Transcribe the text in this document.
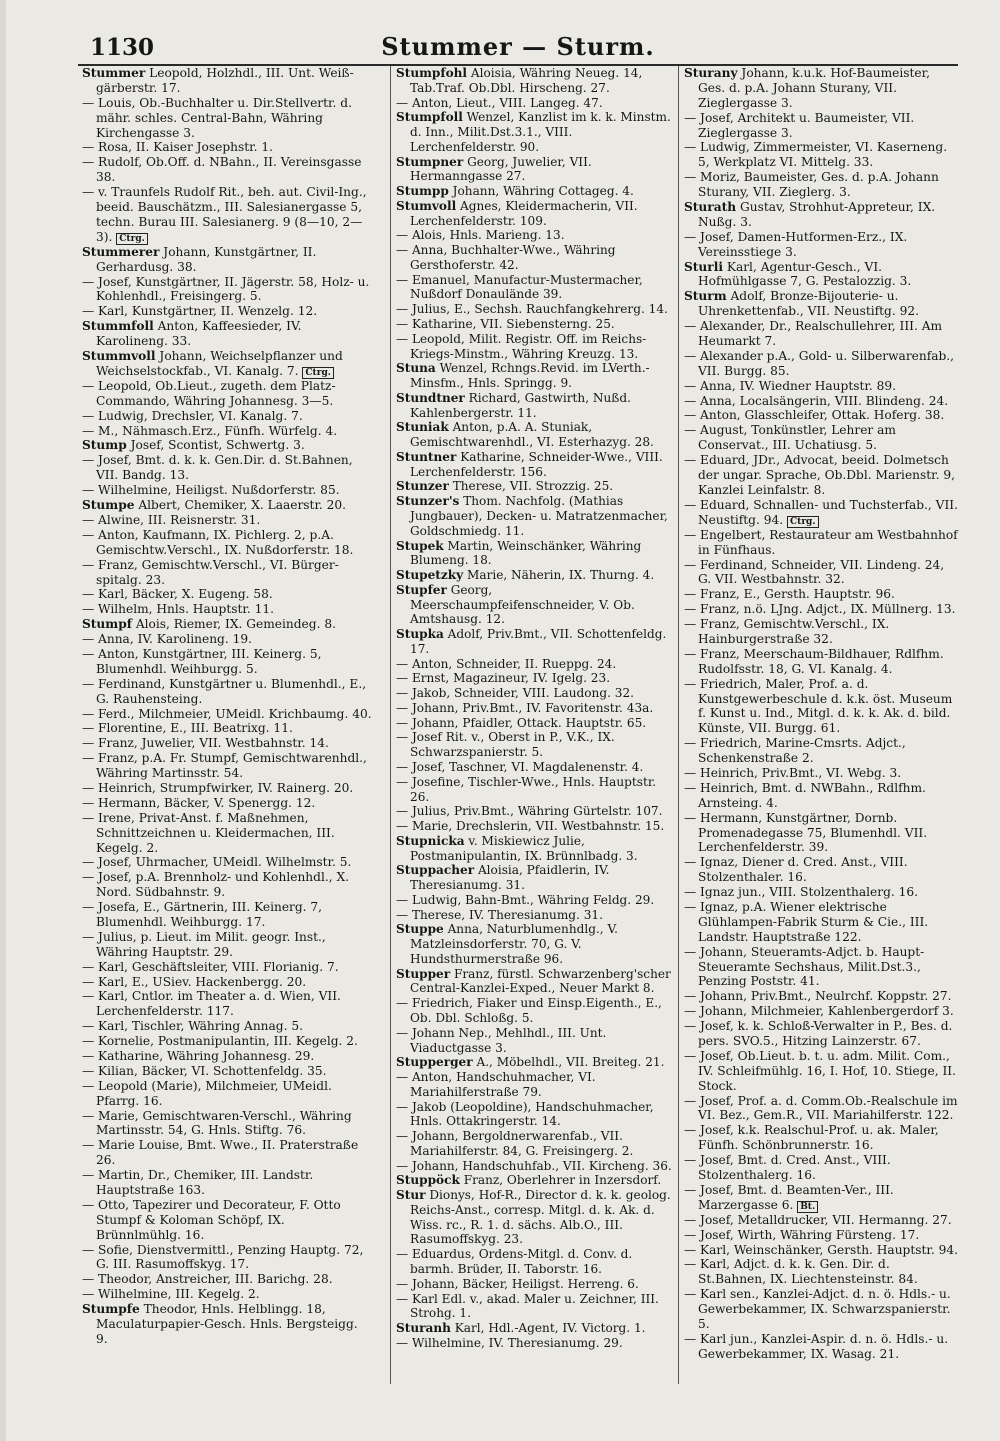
1130	Stummer — Sturm.

Stummer Leopold, Holzhdl., III. Unt. Weiß-gärberstr. 17.

— Louis, Ob.-Buchhalter u. Dir.Stellvertr. d. mähr. schles. Central-Bahn, Währing Kirchengasse 3.

— Rosa, II. Kaiser Josephstr. 1.

— Rudolf, Ob.Off. d. NBahn., II. Vereinsgasse 38.

— v. Traunfels Rudolf Rit., beh. aut. Civil-Ing., beeid. Bauschätzm., III. Salesianergasse 5, techn. Burau III. Salesianerg. 9 (8—10, 2—3). Ctrg.

Stummerer Johann, Kunstgärtner, II. Gerhardusg. 38.

— Josef, Kunstgärtner, II. Jägerstr. 58, Holz- u. Kohlenhdl., Freisingerg. 5.

— Karl, Kunstgärtner, II. Wenzelg. 12.

Stummfoll Anton, Kaffeesieder, IV. Karolineng. 33.

Stummvoll Johann, Weichselpflanzer und Weichselstockfab., VI. Kanalg. 7. Ctrg.

— Leopold, Ob.Lieut., zugeth. dem Platz-Commando, Währing Johannesg. 3—5.

— Ludwig, Drechsler, VI. Kanalg. 7.

— M., Nähmasch.Erz., Fünfh. Würfelg. 4.

Stump Josef, Scontist, Schwertg. 3.

— Josef, Bmt. d. k. k. Gen.Dir. d. St.Bahnen, VII. Bandg. 13.

— Wilhelmine, Heiligst. Nußdorferstr. 85.

Stumpe Albert, Chemiker, X. Laaerstr. 20.

— Alwine, III. Reisnerstr. 31.

— Anton, Kaufmann, IX. Pichlerg. 2, p.A. Gemischtw.Verschl., IX. Nußdorferstr. 18.

— Franz, Gemischtw.Verschl., VI. Bürger-spitalg. 23.

— Karl, Bäcker, X. Eugeng. 58.

— Wilhelm, Hnls. Hauptstr. 11.

Stumpf Alois, Riemer, IX. Gemeindeg. 8.

— Anna, IV. Karolineng. 19.

— Anton, Kunstgärtner, III. Keinerg. 5, Blumenhdl. Weihburgg. 5.

— Ferdinand, Kunstgärtner u. Blumenhdl., E., G. Rauhensteing.

— Ferd., Milchmeier, UMeidl. Krichbaumg. 40.

— Florentine, E., III. Beatrixg. 11.

— Franz, Juwelier, VII. Westbahnstr. 14.

— Franz, p.A. Fr. Stumpf, Gemischtwarenhdl., Währing Martinsstr. 54.

— Heinrich, Strumpfwirker, IV. Rainerg. 20.

— Hermann, Bäcker, V. Spenergg. 12.

— Irene, Privat-Anst. f. Maßnehmen, Schnittzeichnen u. Kleidermachen, III. Kegelg. 2.

— Josef, Uhrmacher, UMeidl. Wilhelmstr. 5.

— Josef, p.A. Brennholz- und Kohlenhdl., X. Nord. Südbahnstr. 9.

— Josefa, E., Gärtnerin, III. Keinerg. 7, Blumenhdl. Weihburgg. 17.

— Julius, p. Lieut. im Milit. geogr. Inst., Währing Hauptstr. 29.

— Karl, Geschäftsleiter, VIII. Florianig. 7.

— Karl, E., USiev. Hackenbergg. 20.

— Karl, Cntlor. im Theater a. d. Wien, VII. Lerchenfelderstr. 117.

— Karl, Tischler, Währing Annag. 5.

— Kornelie, Postmanipulantin, III. Kegelg. 2.

— Katharine, Währing Johannesg. 29.

— Kilian, Bäcker, VI. Schottenfeldg. 35.

— Leopold (Marie), Milchmeier, UMeidl. Pfarrg. 16.

— Marie, Gemischtwaren-Verschl., Währing Martinsstr. 54, G. Hnls. Stiftg. 76.

— Marie Louise, Bmt. Wwe., II. Praterstraße 26.

— Martin, Dr., Chemiker, III. Landstr. Hauptstraße 163.

— Otto, Tapezirer und Decorateur, F. Otto Stumpf & Koloman Schöpf, IX. Brünnlmühlg. 16.

— Sofie, Dienstvermittl., Penzing Hauptg. 72, G. III. Rasumoffskyg. 17.

— Theodor, Anstreicher, III. Barichg. 28.

— Wilhelmine, III. Kegelg. 2.

Stumpfe Theodor, Hnls. Helblingg. 18, Maculaturpapier-Gesch. Hnls. Bergsteigg. 9.

Stumpfohl Aloisia, Währing Neueg. 14, Tab.Traf. Ob.Dbl. Hirscheng. 27.

— Anton, Lieut., VIII. Langeg. 47.

Stumpfoll Wenzel, Kanzlist im k. k. Minstm. d. Inn., Milit.Dst.3.1., VIII. Lerchenfelderstr. 90.

Stumpner Georg, Juwelier, VII. Hermanngasse 27.

Stumpp Johann, Währing Cottageg. 4.

Stumvoll Agnes, Kleidermacherin, VII. Lerchenfelderstr. 109.

— Alois, Hnls. Marieng. 13.

— Anna, Buchhalter-Wwe., Währing Gersthoferstr. 42.

— Emanuel, Manufactur-Mustermacher, Nußdorf Donaulände 39.

— Julius, E., Sechsh. Rauchfangkehrerg. 14.

— Katharine, VII. Siebensterng. 25.

— Leopold, Milit. Registr. Off. im Reichs-Kriegs-Minstm., Währing Kreuzg. 13.

Stuna Wenzel, Rchngs.Revid. im LVerth.-Minsfm., Hnls. Springg. 9.

Stundtner Richard, Gastwirth, Nußd. Kahlenbergerstr. 11.

Stuniak Anton, p.A. A. Stuniak, Gemischtwarenhdl., VI. Esterhazyg. 28.

Stuntner Katharine, Schneider-Wwe., VIII. Lerchenfelderstr. 156.

Stunzer Therese, VII. Strozzig. 25.

Stunzer's Thom. Nachfolg. (Mathias Jungbauer), Decken- u. Matratzenmacher, Goldschmiedg. 11.

Stupek Martin, Weinschänker, Währing Blumeng. 18.

Stupetzky Marie, Näherin, IX. Thurng. 4.

Stupfer Georg, Meerschaumpfeifenschneider, V. Ob. Amtshausg. 12.

Stupka Adolf, Priv.Bmt., VII. Schottenfeldg. 17.

— Anton, Schneider, II. Rueppg. 24.

— Ernst, Magazineur, IV. Igelg. 23.

— Jakob, Schneider, VIII. Laudong. 32.

— Johann, Priv.Bmt., IV. Favoritenstr. 43a.

— Johann, Pfaidler, Ottack. Hauptstr. 65.

— Josef Rit. v., Oberst in P., V.K., IX. Schwarzspanierstr. 5.

— Josef, Taschner, VI. Magdalenenstr. 4.

— Josefine, Tischler-Wwe., Hnls. Hauptstr. 26.

— Julius, Priv.Bmt., Währing Gürtelstr. 107.

— Marie, Drechslerin, VII. Westbahnstr. 15.

Stupnicka v. Miskiewicz Julie, Postmanipulantin, IX. Brünnlbadg. 3.

Stuppacher Aloisia, Pfaidlerin, IV. Theresianumg. 31.

— Ludwig, Bahn-Bmt., Währing Feldg. 29.

— Therese, IV. Theresianumg. 31.

Stuppe Anna, Naturblumenhdlg., V. Matzleinsdorferstr. 70, G. V. Hundsthurmerstraße 96.

Stupper Franz, fürstl. Schwarzenberg'scher Central-Kanzlei-Exped., Neuer Markt 8.

— Friedrich, Fiaker und Einsp.Eigenth., E., Ob. Dbl. Schloßg. 5.

— Johann Nep., Mehlhdl., III. Unt. Viaductgasse 3.

Stupperger A., Möbelhdl., VII. Breiteg. 21.

— Anton, Handschuhmacher, VI. Mariahilferstraße 79.

— Jakob (Leopoldine), Handschuhmacher, Hnls. Ottakringerstr. 14.

— Johann, Bergoldnerwarenfab., VII. Mariahilferstr. 84, G. Freisingerg. 2.

— Johann, Handschuhfab., VII. Kircheng. 36.

Stuppöck Franz, Oberlehrer in Inzersdorf.

Stur Dionys, Hof-R., Director d. k. k. geolog. Reichs-Anst., corresp. Mitgl. d. k. Ak. d. Wiss. rc., R. 1. d. sächs. Alb.O., III. Rasumoffskyg. 23.

— Eduardus, Ordens-Mitgl. d. Conv. d. barmh. Brüder, II. Taborstr. 16.

— Johann, Bäcker, Heiligst. Herreng. 6.

— Karl Edl. v., akad. Maler u. Zeichner, III. Strohg. 1.

Sturanh Karl, Hdl.-Agent, IV. Victorg. 1.

— Wilhelmine, IV. Theresianumg. 29.

Sturany Johann, k.u.k. Hof-Baumeister, Ges. d. p.A. Johann Sturany, VII. Zieglergasse 3.

— Josef, Architekt u. Baumeister, VII. Zieglergasse 3.

— Ludwig, Zimmermeister, VI. Kaserneng. 5, Werkplatz VI. Mittelg. 33.

— Moriz, Baumeister, Ges. d. p.A. Johann Sturany, VII. Zieglerg. 3.

Sturath Gustav, Strohhut-Appreteur, IX. Nußg. 3.

— Josef, Damen-Hutformen-Erz., IX. Vereinsstiege 3.

Sturli Karl, Agentur-Gesch., VI. Hofmühlgasse 7, G. Pestalozzig. 3.

Sturm Adolf, Bronze-Bijouterie- u. Uhrenkettenfab., VII. Neustiftg. 92.

— Alexander, Dr., Realschullehrer, III. Am Heumarkt 7.

— Alexander p.A., Gold- u. Silberwarenfab., VII. Burgg. 85.

— Anna, IV. Wiedner Hauptstr. 89.

— Anna, Localsängerin, VIII. Blindeng. 24.

— Anton, Glasschleifer, Ottak. Hoferg. 38.

— August, Tonkünstler, Lehrer am Conservat., III. Uchatiusg. 5.

— Eduard, JDr., Advocat, beeid. Dolmetsch der ungar. Sprache, Ob.Dbl. Marienstr. 9, Kanzlei Leinfalstr. 8.

— Eduard, Schnallen- und Tuchsterfab., VII. Neustiftg. 94. Ctrg.

— Engelbert, Restaurateur am Westbahnhof in Fünfhaus.

— Ferdinand, Schneider, VII. Lindeng. 24, G. VII. Westbahnstr. 32.

— Franz, E., Gersth. Hauptstr. 96.

— Franz, n.ö. LJng. Adjct., IX. Müllnerg. 13.

— Franz, Gemischtw.Verschl., IX. Hainburgerstraße 32.

— Franz, Meerschaum-Bildhauer, Rdlfhm. Rudolfsstr. 18, G. VI. Kanalg. 4.

— Friedrich, Maler, Prof. a. d. Kunstgewerbeschule d. k.k. öst. Museum f. Kunst u. Ind., Mitgl. d. k. k. Ak. d. bild. Künste, VII. Burgg. 61.

— Friedrich, Marine-Cmsrts. Adjct., Schenkenstraße 2.

— Heinrich, Priv.Bmt., VI. Webg. 3.

— Heinrich, Bmt. d. NWBahn., Rdlfhm. Arnsteing. 4.

— Hermann, Kunstgärtner, Dornb. Promenadegasse 75, Blumenhdl. VII. Lerchenfelderstr. 39.

— Ignaz, Diener d. Cred. Anst., VIII. Stolzenthaler. 16.

— Ignaz jun., VIII. Stolzenthalerg. 16.

— Ignaz, p.A. Wiener elektrische Glühlampen-Fabrik Sturm & Cie., III. Landstr. Hauptstraße 122.

— Johann, Steueramts-Adjct. b. Haupt-Steueramte Sechshaus, Milit.Dst.3., Penzing Poststr. 41.

— Johann, Priv.Bmt., Neulrchf. Koppstr. 27.

— Johann, Milchmeier, Kahlenbergerdorf 3.

— Josef, k. k. Schloß-Verwalter in P., Bes. d. pers. SVO.5., Hitzing Lainzerstr. 67.

— Josef, Ob.Lieut. b. t. u. adm. Milit. Com., IV. Schleifmühlg. 16, I. Hof, 10. Stiege, II. Stock.

— Josef, Prof. a. d. Comm.Ob.-Realschule im VI. Bez., Gem.R., VII. Mariahilferstr. 122.

— Josef, k.k. Realschul-Prof. u. ak. Maler, Fünfh. Schönbrunnerstr. 16.

— Josef, Bmt. d. Cred. Anst., VIII. Stolzenthalerg. 16.

— Josef, Bmt. d. Beamten-Ver., III. Marzergasse 6. Bt.

— Josef, Metalldrucker, VII. Hermanng. 27.

— Josef, Wirth, Währing Fürsteng. 17.

— Karl, Weinschänker, Gersth. Hauptstr. 94.

— Karl, Adjct. d. k. k. Gen. Dir. d. St.Bahnen, IX. Liechtensteinstr. 84.

— Karl sen., Kanzlei-Adjct. d. n. ö. Hdls.- u. Gewerbekammer, IX. Schwarzspanierstr. 5.

— Karl jun., Kanzlei-Aspir. d. n. ö. Hdls.- u. Gewerbekammer, IX. Wasag. 21.
